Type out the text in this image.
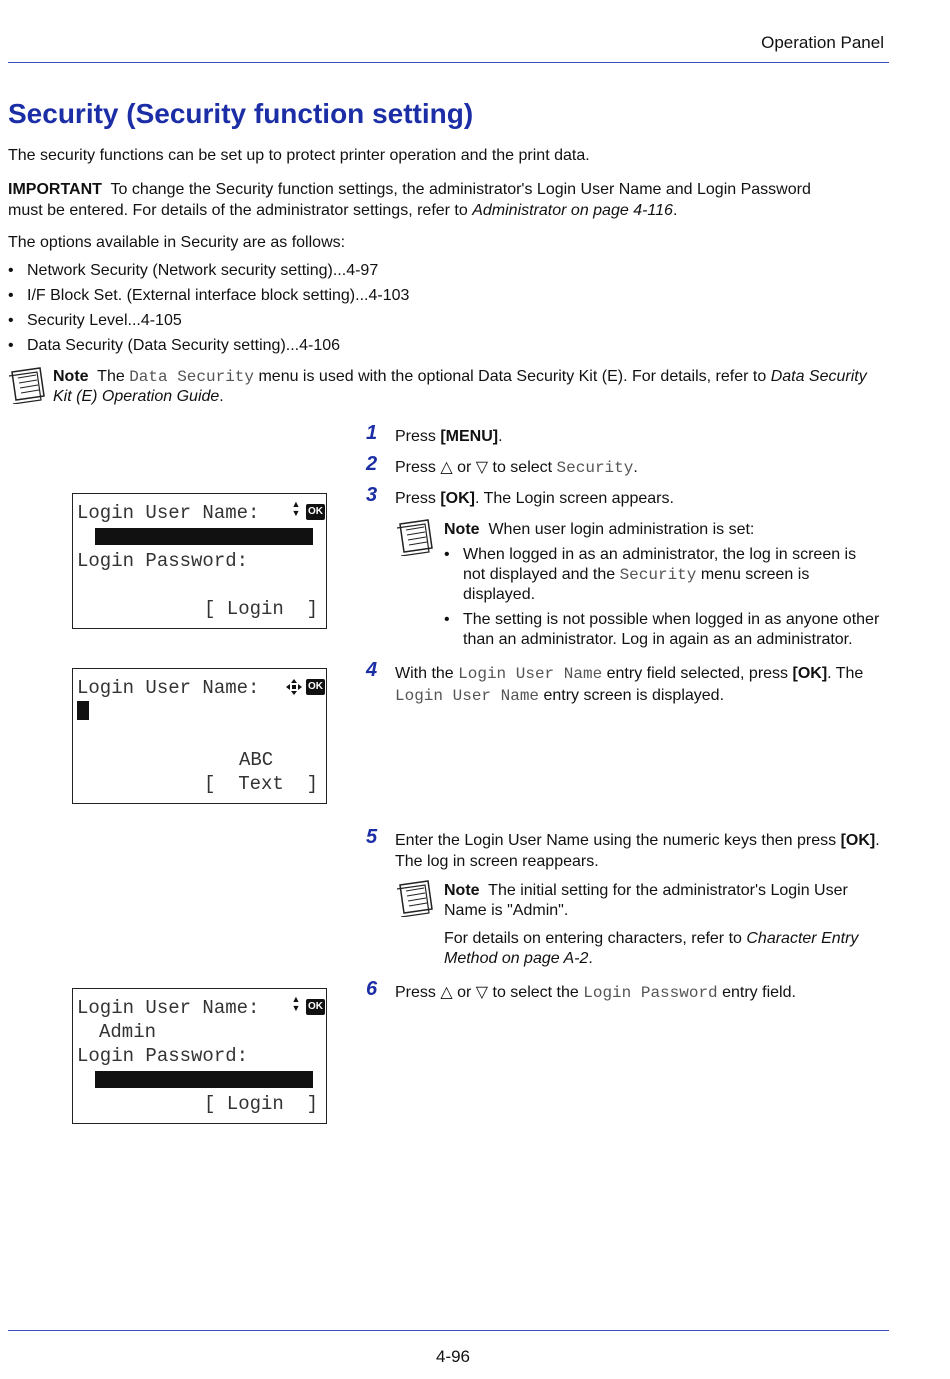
Operation Panel
Security (Security function setting)
The security functions can be set up to protect printer operation and the print data.
IMPORTANT To change the Security function settings, the administrator's Login User Name and Login Password
must be entered. For details of the administrator settings, refer to Administrator on page 4-116.
The options available in Security are as follows:
• Network Security (Network security setting)...4-97
• I/F Block Set. (External interface block setting)...4-103
• Security Level...4-105
• Data Security (Data Security setting)...4-106
Note The Data Security menu is used with the optional Data Security Kit (E). For details, refer to Data Security
Kit (E) Operation Guide.
1 Press [MENU].
2 Press △ or ▽ to select Security.
3 Press [OK]. The Login screen appears.
Note When user login administration is set:
• When logged in as an administrator, the log in screen is
not displayed and the Security menu screen is
displayed.
• The setting is not possible when logged in as anyone other
than an administrator. Log in again as an administrator.
4 With the Login User Name entry field selected, press [OK]. The
Login User Name entry screen is displayed.
5 Enter the Login User Name using the numeric keys then press [OK].
The log in screen reappears.
Note The initial setting for the administrator's Login User
Name is "Admin".
For details on entering characters, refer to Character Entry
Method on page A-2.
6 Press △ or ▽ to select the Login Password entry field.
Login User Name:	▲
▼ OK
Login Password:
[ Login  ]
Login User Name:	OK
ABC
[  Text  ]
Login User Name:	▲
▼ OK
Admin
Login Password:
[ Login  ]
4-96
